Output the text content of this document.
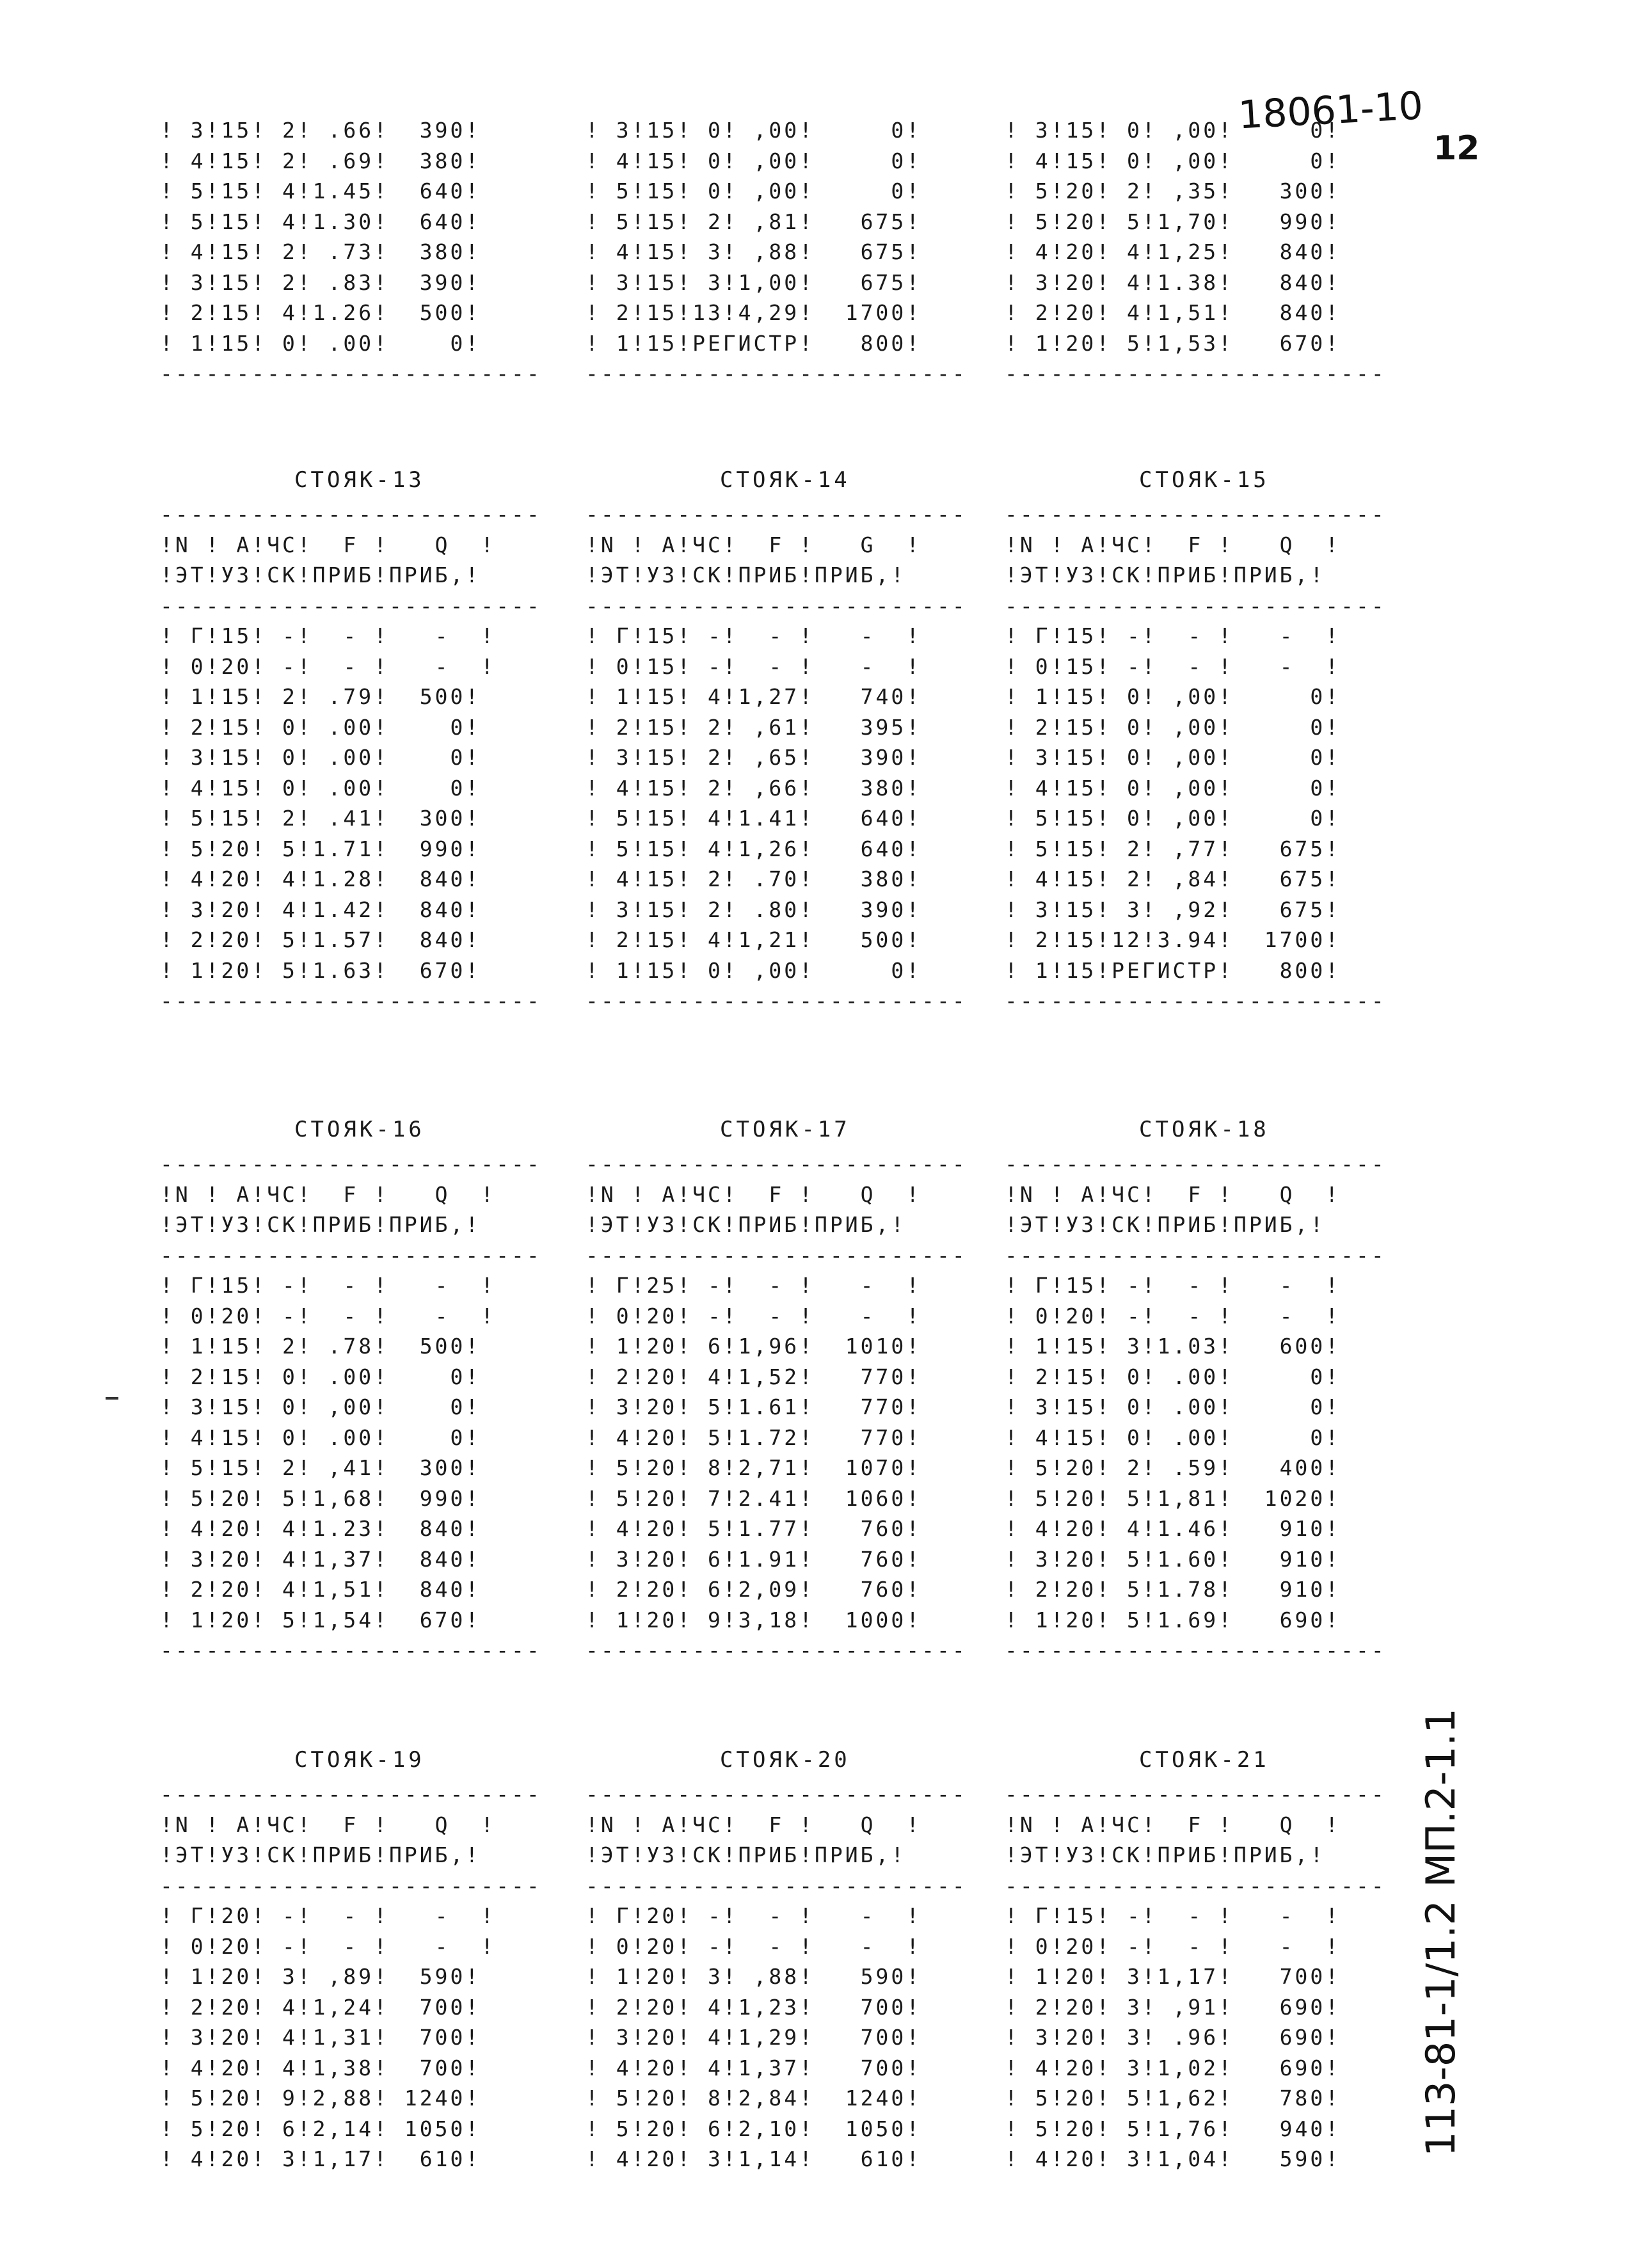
! 3!15! 2! .66!  390!
! 4!15! 2! .69!  380!
! 5!15! 4!1.45!  640!
! 5!15! 4!1.30!  640!
! 4!15! 2! .73!  380!
! 3!15! 2! .83!  390!
! 2!15! 4!1.26!  500!
! 1!15! 0! .00!    0!
-------------------------
! 3!15! 0! ,00!     0!
! 4!15! 0! ,00!     0!
! 5!15! 0! ,00!     0!
! 5!15! 2! ,81!   675!
! 4!15! 3! ,88!   675!
! 3!15! 3!1,00!   675!
! 2!15!13!4,29!  1700!
! 1!15!РЕГИСТР!   800!
-------------------------
! 3!15! 0! ,00!     0!
! 4!15! 0! ,00!     0!
! 5!20! 2! ,35!   300!
! 5!20! 5!1,70!   990!
! 4!20! 4!1,25!   840!
! 3!20! 4!1.38!   840!
! 2!20! 4!1,51!   840!
! 1!20! 5!1,53!   670!
-------------------------
СТОЯК-13
-------------------------
!N ! А!ЧС!  F !   Q  !
!ЭТ!УЗ!СК!ПРИБ!ПРИБ,!
-------------------------
! Г!15! -!  - !   -  !
! 0!20! -!  - !   -  !
! 1!15! 2! .79!  500!
! 2!15! 0! .00!    0!
! 3!15! 0! .00!    0!
! 4!15! 0! .00!    0!
! 5!15! 2! .41!  300!
! 5!20! 5!1.71!  990!
! 4!20! 4!1.28!  840!
! 3!20! 4!1.42!  840!
! 2!20! 5!1.57!  840!
! 1!20! 5!1.63!  670!
-------------------------
СТОЯК-14
-------------------------
!N ! А!ЧС!  F !   G  !
!ЭТ!УЗ!СК!ПРИБ!ПРИБ,!
-------------------------
! Г!15! -!  - !   -  !
! 0!15! -!  - !   -  !
! 1!15! 4!1,27!   740!
! 2!15! 2! ,61!   395!
! 3!15! 2! ,65!   390!
! 4!15! 2! ,66!   380!
! 5!15! 4!1.41!   640!
! 5!15! 4!1,26!   640!
! 4!15! 2! .70!   380!
! 3!15! 2! .80!   390!
! 2!15! 4!1,21!   500!
! 1!15! 0! ,00!     0!
-------------------------
СТОЯК-15
-------------------------
!N ! А!ЧС!  F !   Q  !
!ЭТ!УЗ!СК!ПРИБ!ПРИБ,!
-------------------------
! Г!15! -!  - !   -  !
! 0!15! -!  - !   -  !
! 1!15! 0! ,00!     0!
! 2!15! 0! ,00!     0!
! 3!15! 0! ,00!     0!
! 4!15! 0! ,00!     0!
! 5!15! 0! ,00!     0!
! 5!15! 2! ,77!   675!
! 4!15! 2! ,84!   675!
! 3!15! 3! ,92!   675!
! 2!15!12!3.94!  1700!
! 1!15!РЕГИСТР!   800!
-------------------------
СТОЯК-16
-------------------------
!N ! А!ЧС!  F !   Q  !
!ЭТ!УЗ!СК!ПРИБ!ПРИБ,!
-------------------------
! Г!15! -!  - !   -  !
! 0!20! -!  - !   -  !
! 1!15! 2! .78!  500!
! 2!15! 0! .00!    0!
! 3!15! 0! ,00!    0!
! 4!15! 0! .00!    0!
! 5!15! 2! ,41!  300!
! 5!20! 5!1,68!  990!
! 4!20! 4!1.23!  840!
! 3!20! 4!1,37!  840!
! 2!20! 4!1,51!  840!
! 1!20! 5!1,54!  670!
-------------------------
СТОЯК-17
-------------------------
!N ! А!ЧС!  F !   Q  !
!ЭТ!УЗ!СК!ПРИБ!ПРИБ,!
-------------------------
! Г!25! -!  - !   -  !
! 0!20! -!  - !   -  !
! 1!20! 6!1,96!  1010!
! 2!20! 4!1,52!   770!
! 3!20! 5!1.61!   770!
! 4!20! 5!1.72!   770!
! 5!20! 8!2,71!  1070!
! 5!20! 7!2.41!  1060!
! 4!20! 5!1.77!   760!
! 3!20! 6!1.91!   760!
! 2!20! 6!2,09!   760!
! 1!20! 9!3,18!  1000!
-------------------------
СТОЯК-18
-------------------------
!N ! А!ЧС!  F !   Q  !
!ЭТ!УЗ!СК!ПРИБ!ПРИБ,!
-------------------------
! Г!15! -!  - !   -  !
! 0!20! -!  - !   -  !
! 1!15! 3!1.03!   600!
! 2!15! 0! .00!     0!
! 3!15! 0! .00!     0!
! 4!15! 0! .00!     0!
! 5!20! 2! .59!   400!
! 5!20! 5!1,81!  1020!
! 4!20! 4!1.46!   910!
! 3!20! 5!1.60!   910!
! 2!20! 5!1.78!   910!
! 1!20! 5!1.69!   690!
-------------------------
СТОЯК-19
-------------------------
!N ! А!ЧС!  F !   Q  !
!ЭТ!УЗ!СК!ПРИБ!ПРИБ,!
-------------------------
! Г!20! -!  - !   -  !
! 0!20! -!  - !   -  !
! 1!20! 3! ,89!  590!
! 2!20! 4!1,24!  700!
! 3!20! 4!1,31!  700!
! 4!20! 4!1,38!  700!
! 5!20! 9!2,88! 1240!
! 5!20! 6!2,14! 1050!
! 4!20! 3!1,17!  610!
СТОЯК-20
-------------------------
!N ! А!ЧС!  F !   Q  !
!ЭТ!УЗ!СК!ПРИБ!ПРИБ,!
-------------------------
! Г!20! -!  - !   -  !
! 0!20! -!  - !   -  !
! 1!20! 3! ,88!   590!
! 2!20! 4!1,23!   700!
! 3!20! 4!1,29!   700!
! 4!20! 4!1,37!   700!
! 5!20! 8!2,84!  1240!
! 5!20! 6!2,10!  1050!
! 4!20! 3!1,14!   610!
СТОЯК-21
-------------------------
!N ! А!ЧС!  F !   Q  !
!ЭТ!УЗ!СК!ПРИБ!ПРИБ,!
-------------------------
! Г!15! -!  - !   -  !
! 0!20! -!  - !   -  !
! 1!20! 3!1,17!   700!
! 2!20! 3! ,91!   690!
! 3!20! 3! .96!   690!
! 4!20! 3!1,02!   690!
! 5!20! 5!1,62!   780!
! 5!20! 5!1,76!   940!
! 4!20! 3!1,04!   590!
18061-10
12
113-81-1/1.2 МП.2-1.1
